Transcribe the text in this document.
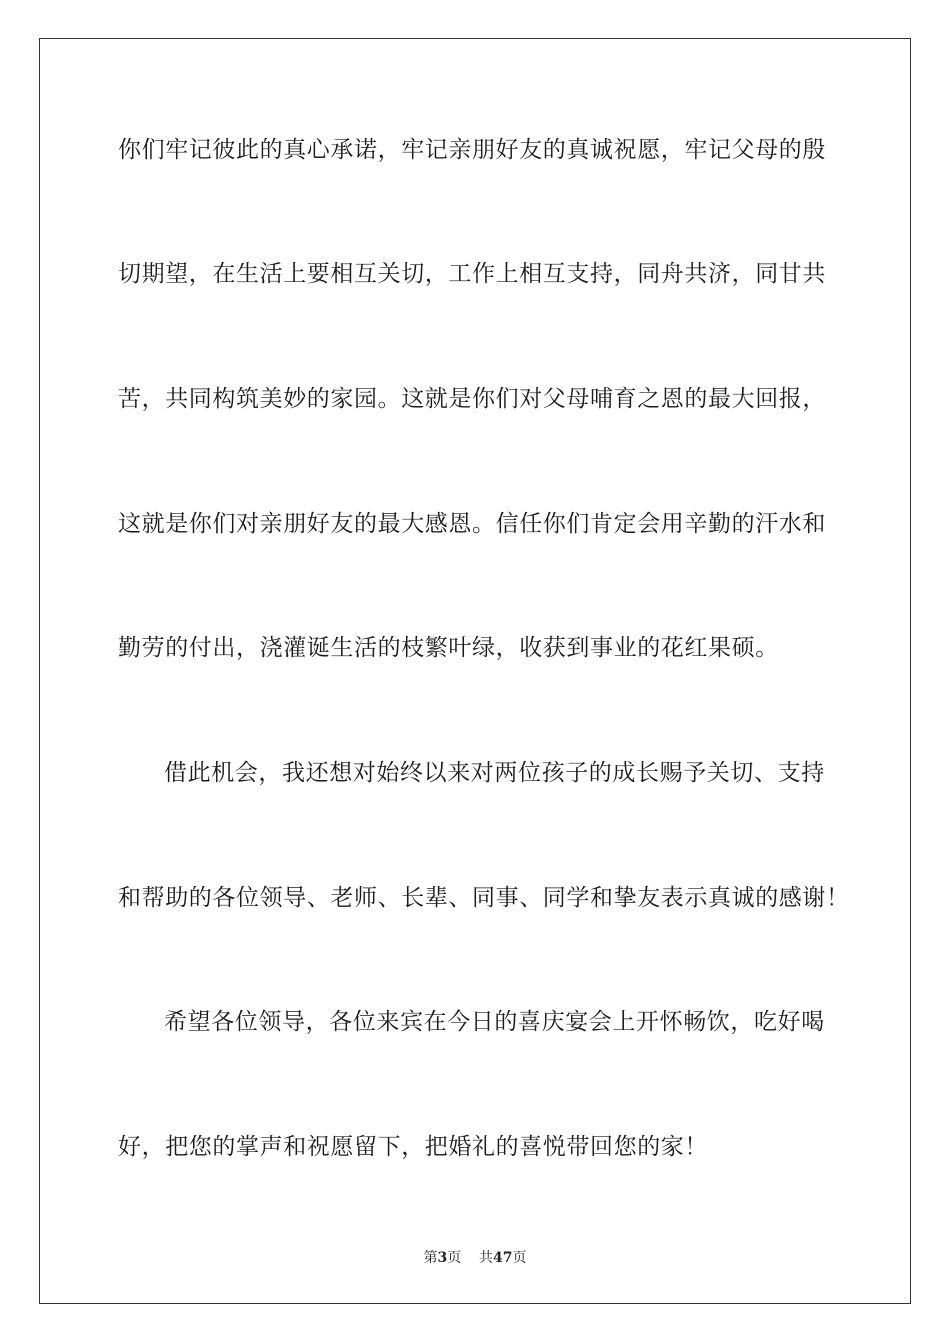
你们牢记彼此的真心承诺，牢记亲朋好友的真诚祝愿，牢记父母的殷
切期望，在生活上要相互关切，工作上相互支持，同舟共济，同甘共
苦，共同构筑美妙的家园。这就是你们对父母哺育之恩的最大回报，
这就是你们对亲朋好友的最大感恩。信任你们肯定会用辛勤的汗水和
勤劳的付出，浇灌诞生活的枝繁叶绿，收获到事业的花红果硕。
借此机会，我还想对始终以来对两位孩子的成长赐予关切、支持
和帮助的各位领导、老师、长辈、同事、同学和挚友表示真诚的感谢！
希望各位领导，各位来宾在今日的喜庆宴会上开怀畅饮，吃好喝
好，把您的掌声和祝愿留下，把婚礼的喜悦带回您的家！
第3页 共47页
